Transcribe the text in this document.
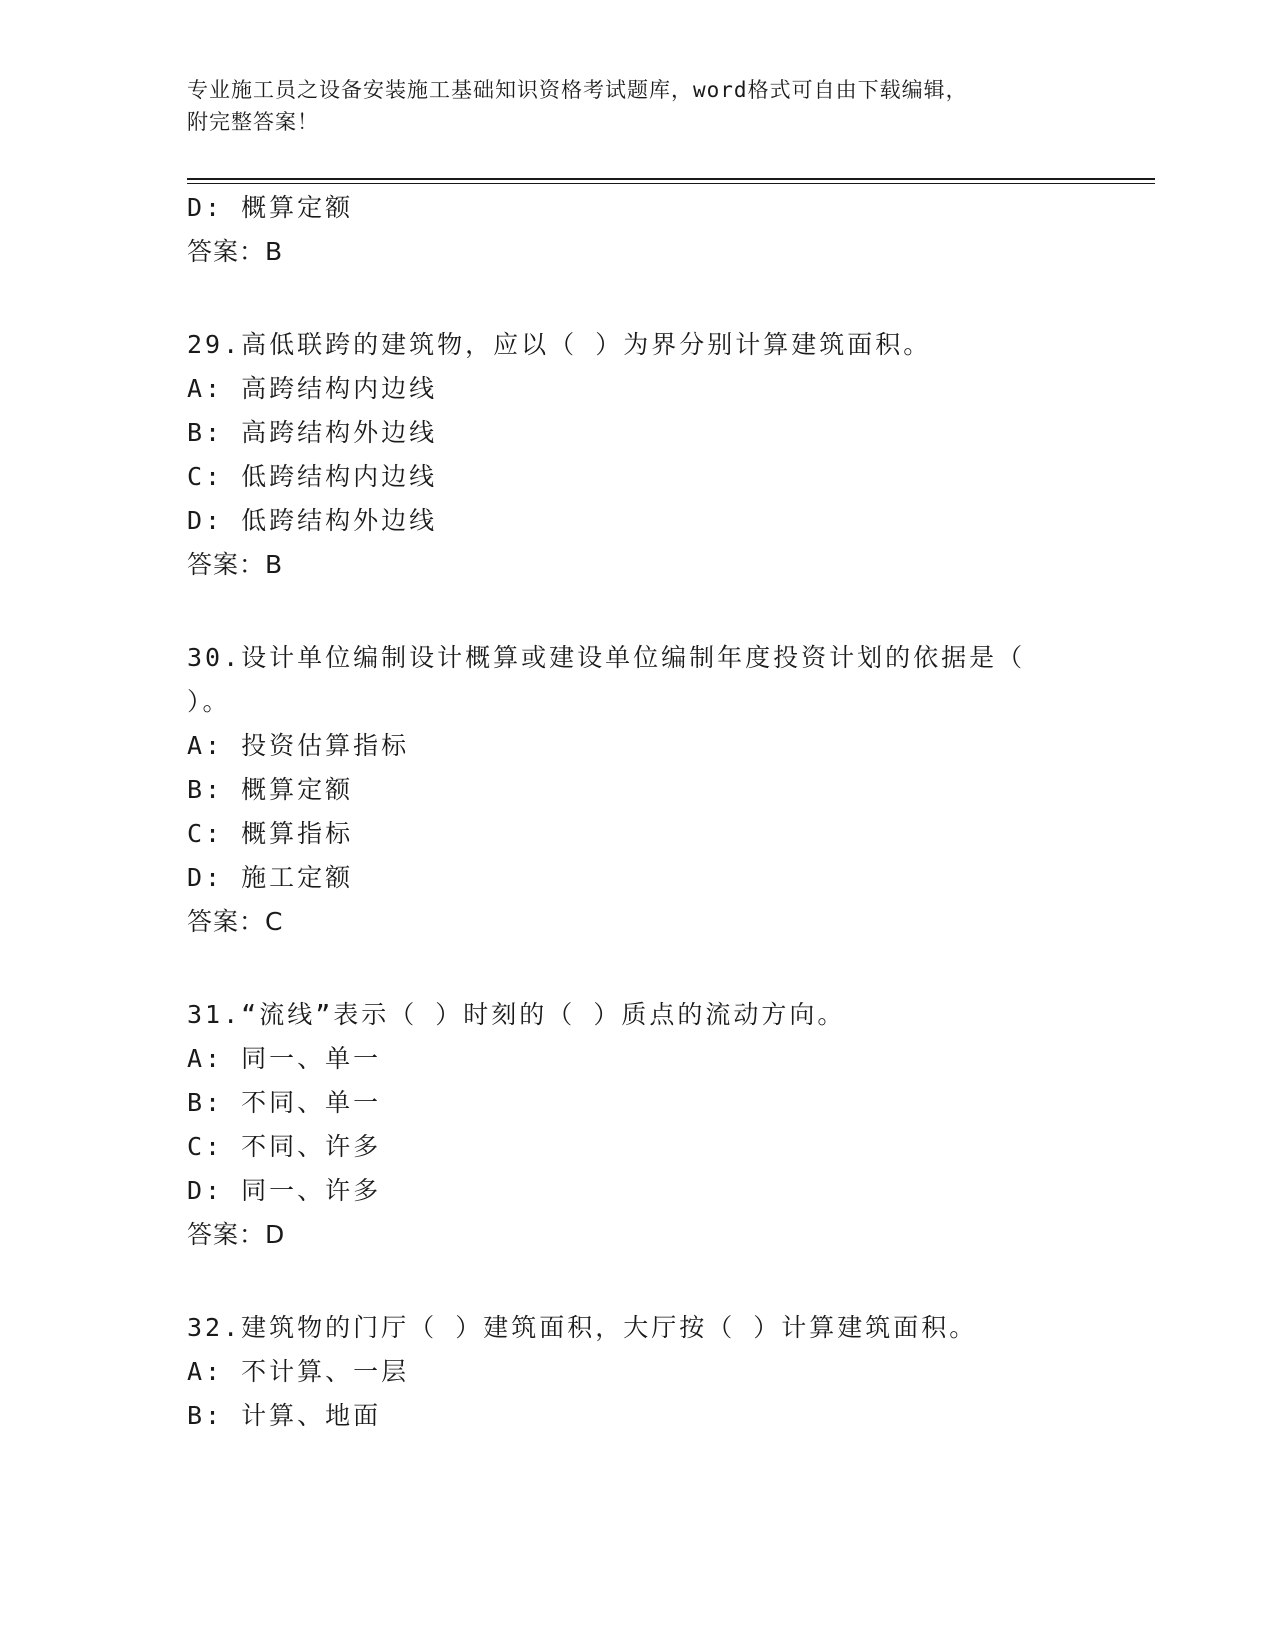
专业施工员之设备安装施工基础知识资格考试题库，word格式可自由下载编辑，
附完整答案！
D: 概算定额
答案：B
29.高低联跨的建筑物，应以（ ）为界分别计算建筑面积。
A: 高跨结构内边线
B: 高跨结构外边线
C: 低跨结构内边线
D: 低跨结构外边线
答案：B
30.设计单位编制设计概算或建设单位编制年度投资计划的依据是（
）。
A: 投资估算指标
B: 概算定额
C: 概算指标
D: 施工定额
答案：C
31.“流线”表示（ ）时刻的（ ）质点的流动方向。
A: 同一、单一
B: 不同、单一
C: 不同、许多
D: 同一、许多
答案：D
32.建筑物的门厅（ ）建筑面积，大厅按（ ）计算建筑面积。
A: 不计算、一层
B: 计算、地面
